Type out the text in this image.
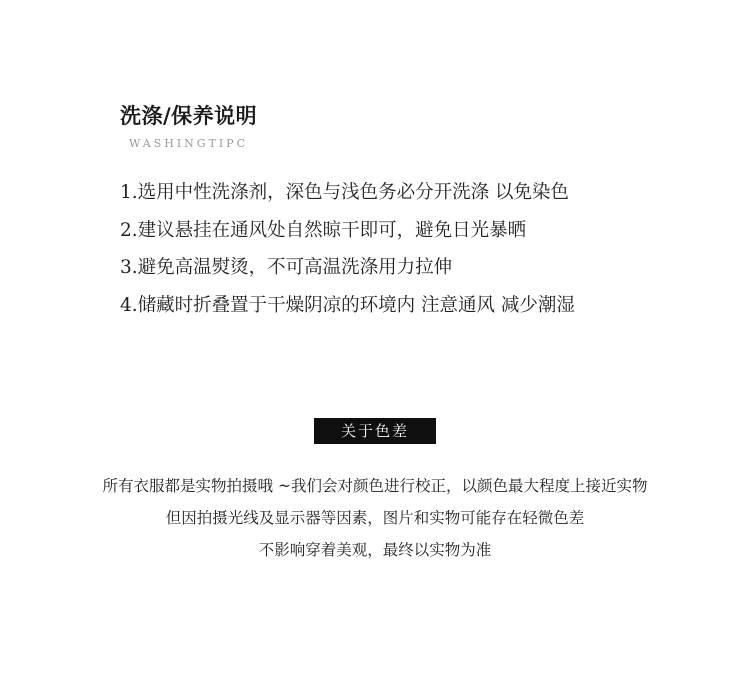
洗涤/保养说明
WASHINGTIPC
1.选用中性洗涤剂，深色与浅色务必分开洗涤 以免染色
2.建议悬挂在通风处自然晾干即可，避免日光暴晒
3.避免高温熨烫，不可高温洗涤用力拉伸
4.储藏时折叠置于干燥阴凉的环境内 注意通风 减少潮湿
关于色差

所有衣服都是实物拍摄哦 ~我们会对颜色进行校正，以颜色最大程度上接近实物

但因拍摄光线及显示器等因素，图片和实物可能存在轻微色差

不影响穿着美观，最终以实物为准
